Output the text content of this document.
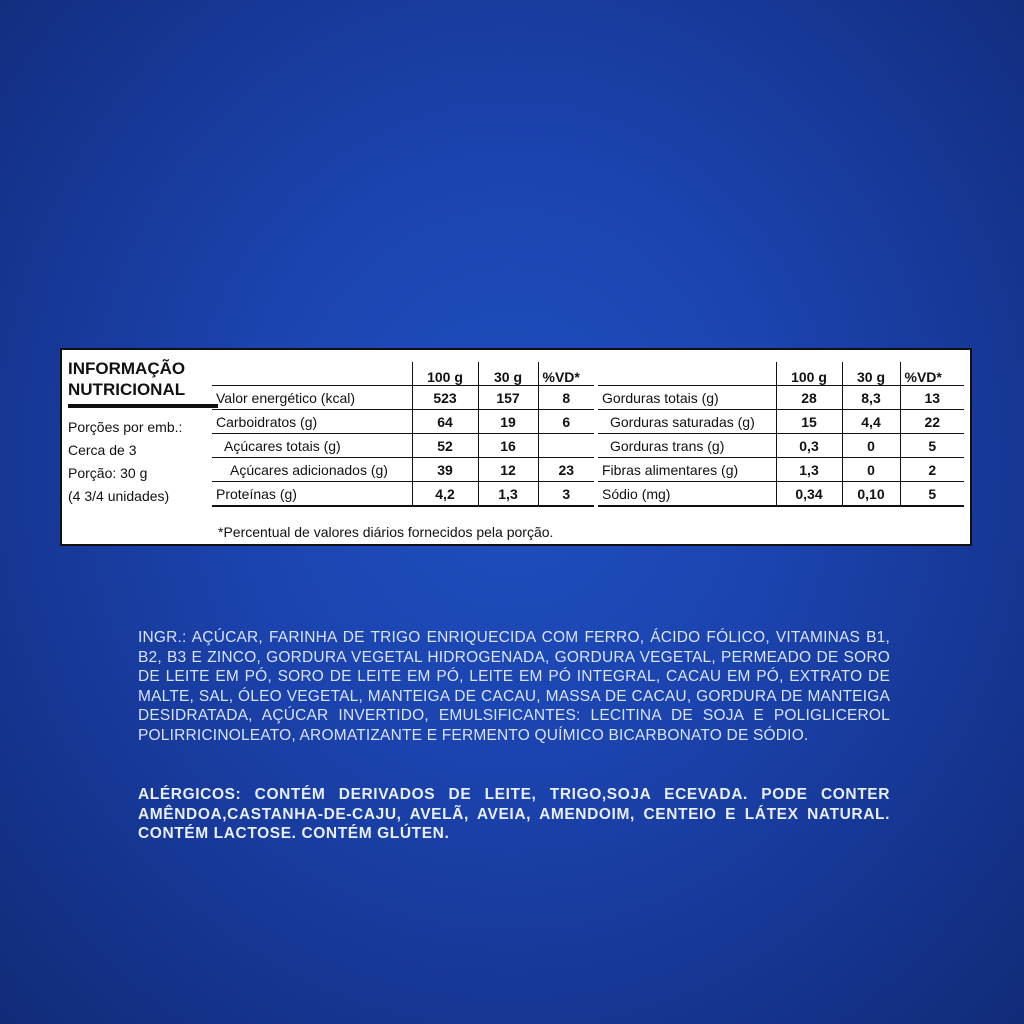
INFORMAÇÃO
NUTRICIONAL
Porções por emb.:
Cerca de 3
Porção: 30 g
(4 3/4 unidades)
	100 g	30 g	%VD*
Valor energético (kcal)	523	157	8
Carboidratos (g)	64	19	6
Açúcares totais (g)	52	16	
Açúcares adicionados (g)	39	12	23
Proteínas (g)	4,2	1,3	3
	100 g	30 g	%VD*
Gorduras totais (g)	28	8,3	13
Gorduras saturadas (g)	15	4,4	22
Gorduras trans (g)	0,3	0	5
Fibras alimentares (g)	1,3	0	2
Sódio (mg)	0,34	0,10	5
*Percentual de valores diários fornecidos pela porção.
INGR.: AÇÚCAR, FARINHA DE TRIGO ENRIQUECIDA COM FERRO, ÁCIDO FÓLICO, VITAMINAS B1, B2, B3 E ZINCO, GORDURA VEGETAL HIDROGENADA, GORDURA VEGETAL, PERMEADO DE SORO DE LEITE EM PÓ, SORO DE LEITE EM PÓ, LEITE EM PÓ INTEGRAL, CACAU EM PÓ, EXTRATO DE MALTE, SAL, ÓLEO VEGETAL, MANTEIGA DE CACAU, MASSA DE CACAU, GORDURA DE MANTEIGA DESIDRATADA, AÇÚCAR INVERTIDO, EMULSIFICANTES: LECITINA DE SOJA E POLIGLICEROL POLIRRICINOLEATO, AROMATIZANTE E FERMENTO QUÍMICO BICARBONATO DE SÓDIO.
ALÉRGICOS: CONTÉM DERIVADOS DE LEITE, TRIGO,SOJA ECEVADA. PODE CONTER AMÊNDOA,CASTANHA-DE-CAJU, AVELÃ, AVEIA, AMENDOIM, CENTEIO E LÁTEX NATURAL. CONTÉM LACTOSE. CONTÉM GLÚTEN.
